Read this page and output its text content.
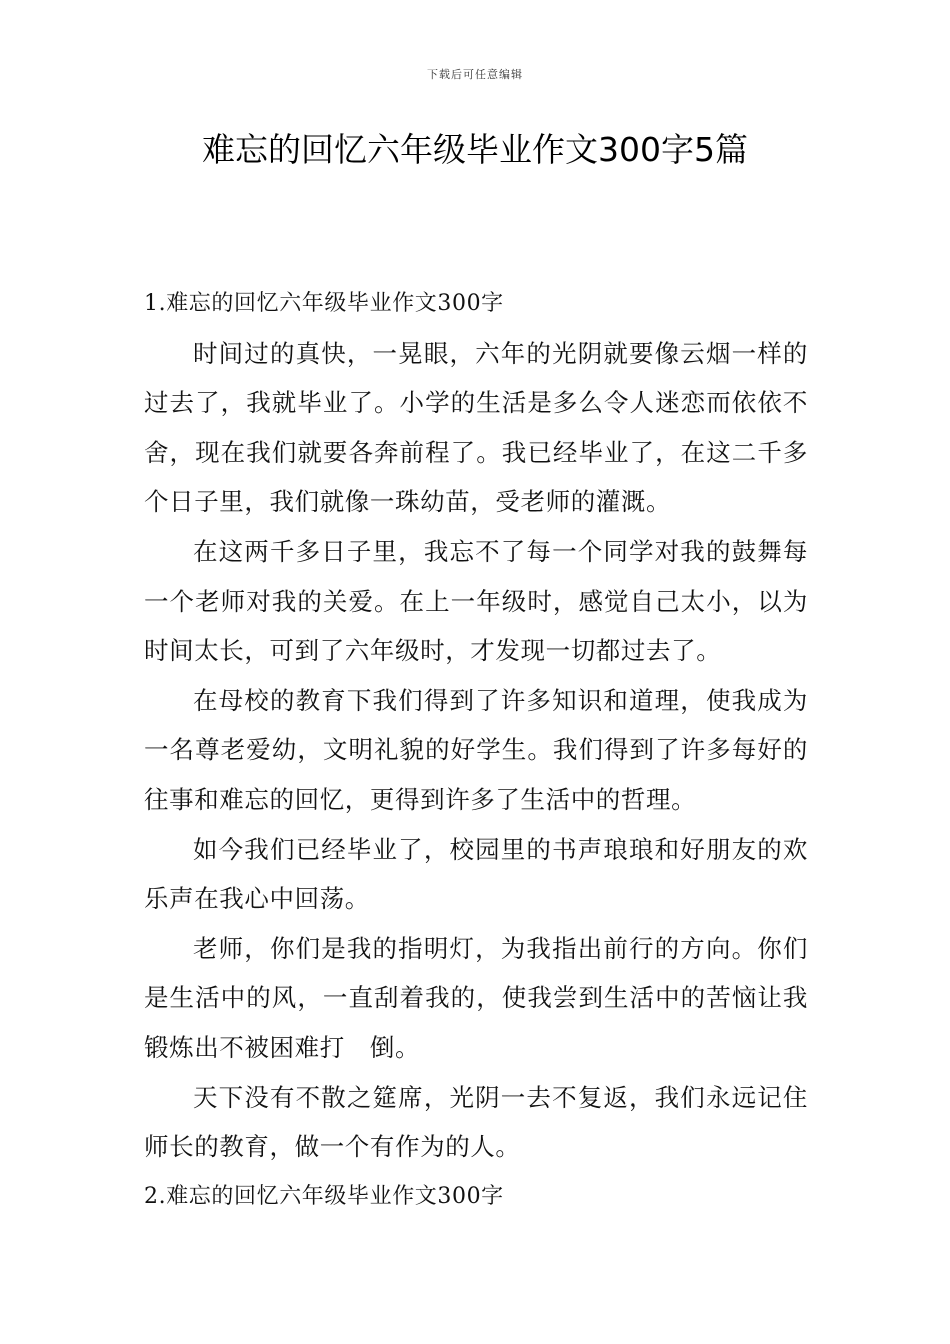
下载后可任意编辑
难忘的回忆六年级毕业作文300字5篇
1.难忘的回忆六年级毕业作文300字

时间过的真快，一晃眼，六年的光阴就要像云烟一样的过去了，我就毕业了。小学的生活是多么令人迷恋而依依不舍，现在我们就要各奔前程了。我已经毕业了，在这二千多个日子里，我们就像一珠幼苗，受老师的灌溉。

在这两千多日子里，我忘不了每一个同学对我的鼓舞每一个老师对我的关爱。在上一年级时，感觉自己太小，以为时间太长，可到了六年级时，才发现一切都过去了。

在母校的教育下我们得到了许多知识和道理，使我成为一名尊老爱幼，文明礼貌的好学生。我们得到了许多每好的往事和难忘的回忆，更得到许多了生活中的哲理。

如今我们已经毕业了，校园里的书声琅琅和好朋友的欢乐声在我心中回荡。

老师，你们是我的指明灯，为我指出前行的方向。你们是生活中的风，一直刮着我的，使我尝到生活中的苦恼让我锻炼出不被困难打　倒。

天下没有不散之筵席，光阴一去不复返，我们永远记住师长的教育，做一个有作为的人。

2.难忘的回忆六年级毕业作文300字
